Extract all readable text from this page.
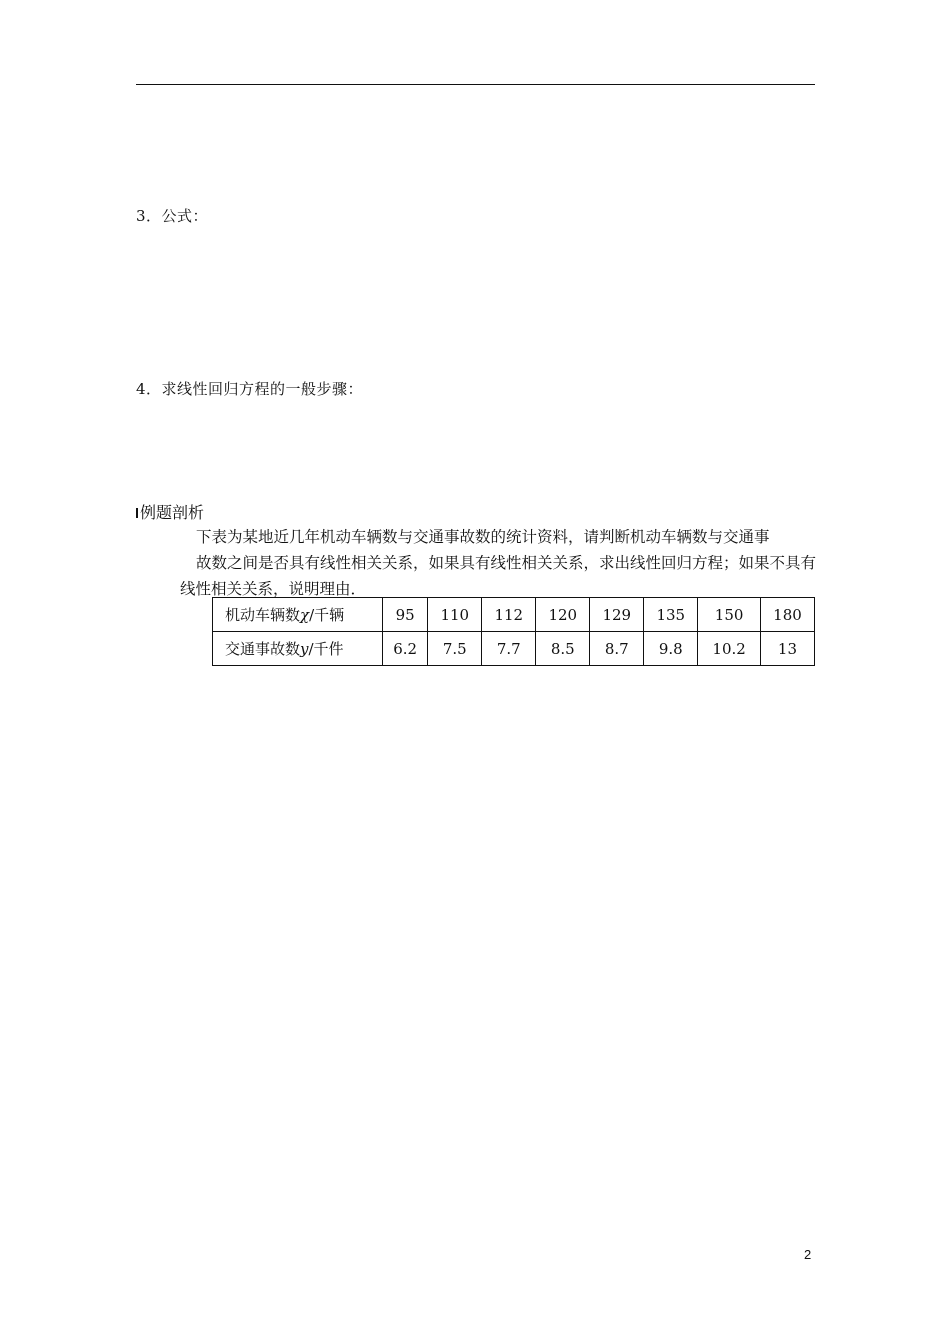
3．公式：
4．求线性回归方程的一般步骤：
例题剖析
下表为某地近几年机动车辆数与交通事故数的统计资料，请判断机动车辆数与交通事
故数之间是否具有线性相关关系，如果具有线性相关关系，求出线性回归方程；如果不具有线性相关关系，说明理由．
机动车辆数χ/千辆	95	110	112	120	129	135	150	180
交通事故数y/千件	6.2	7.5	7.7	8.5	8.7	9.8	10.2	13
2
